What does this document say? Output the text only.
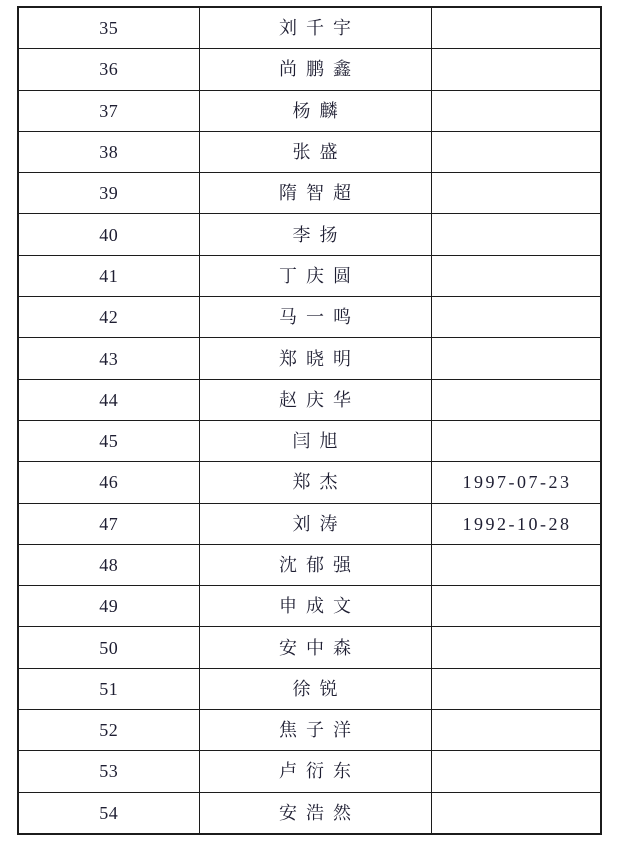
35	刘千宇	
36	尚鹏鑫	
37	杨麟	
38	张盛	
39	隋智超	
40	李扬	
41	丁庆圆	
42	马一鸣	
43	郑晓明	
44	赵庆华	
45	闫旭	
46	郑杰	1997-07-23
47	刘涛	1992-10-28
48	沈郁强	
49	申成文	
50	安中森	
51	徐锐	
52	焦子洋	
53	卢衍东	
54	安浩然	
